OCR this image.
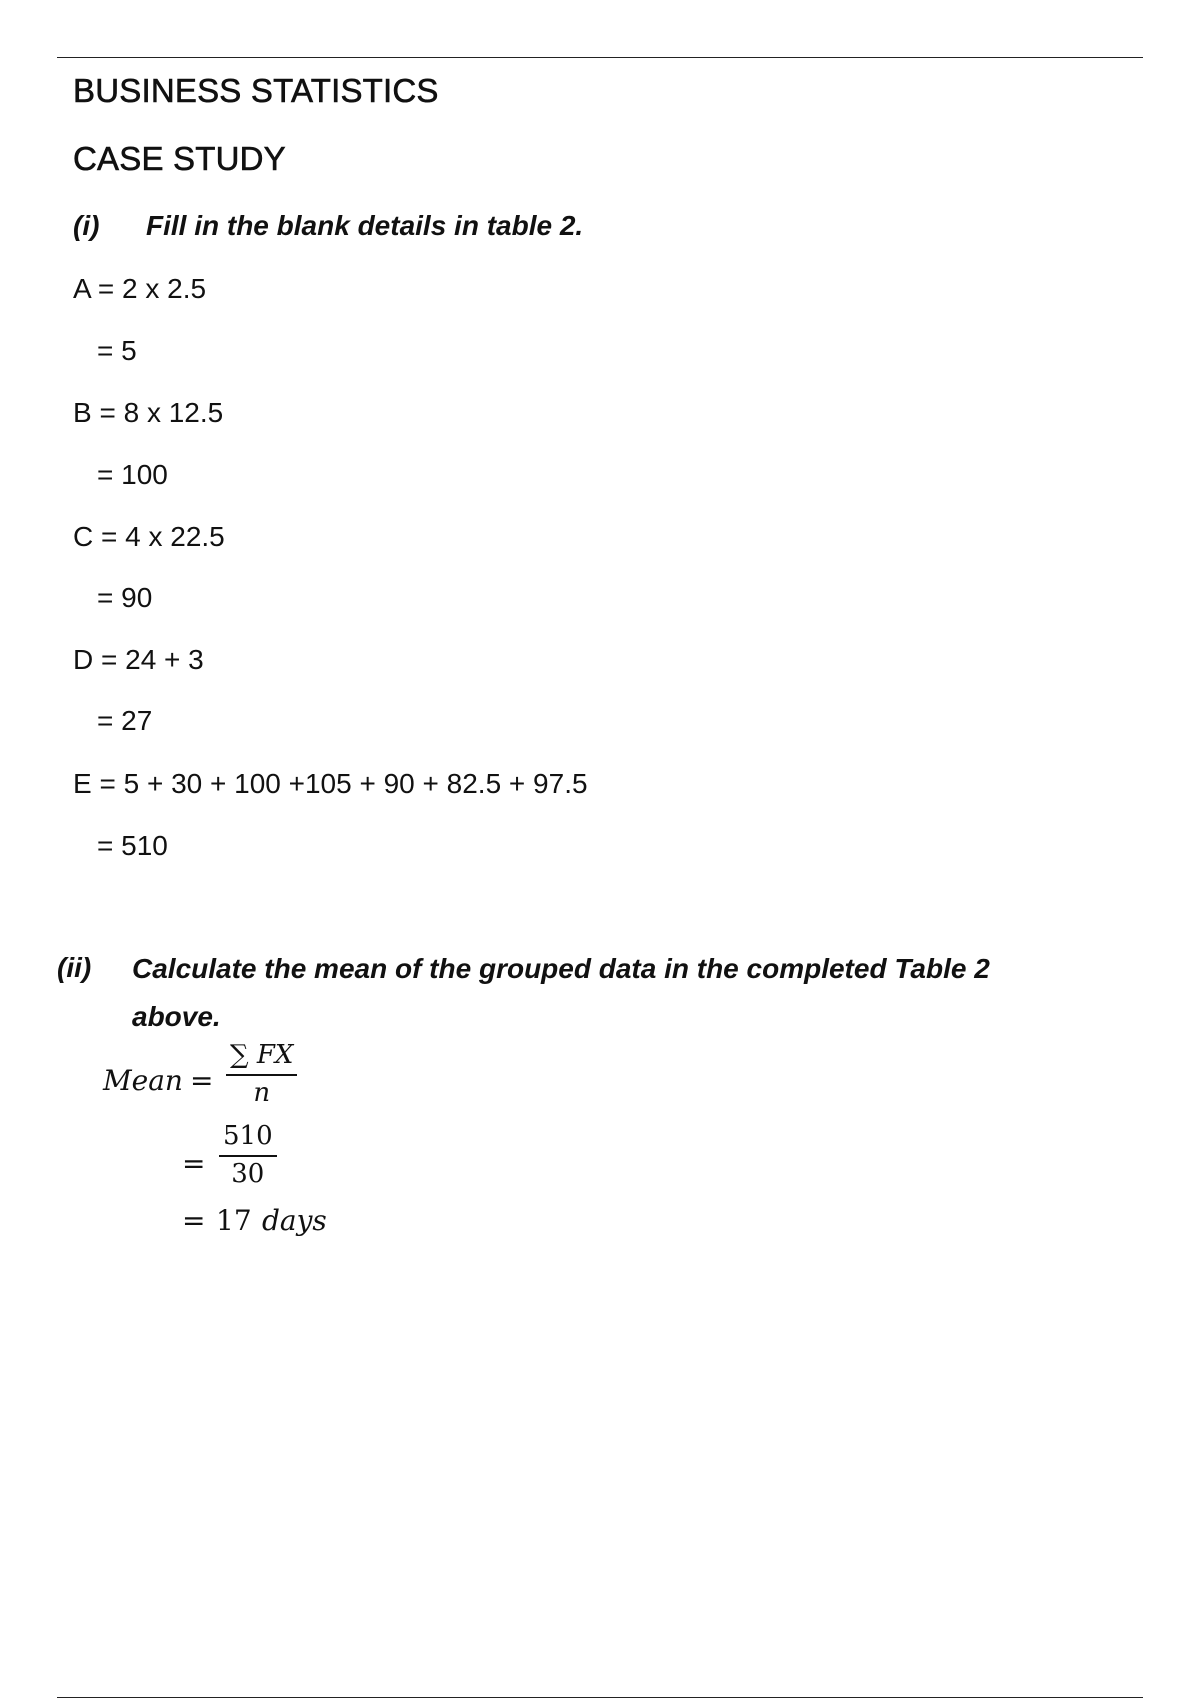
BUSINESS STATISTICS
CASE STUDY
(i) Fill in the blank details in table 2.
A = 2 x 2.5
= 5
B = 8 x 12.5
= 100
C = 4 x 22.5
= 90
D = 24 + 3
= 27
E = 5 + 30 + 100 +105 + 90 + 82.5 + 97.5
= 510
(ii) Calculate the mean of the grouped data in the completed Table 2
above.
Mean = $\frac{\sum FX}{n}$
= $\frac{510}{30}$
= 17 days
